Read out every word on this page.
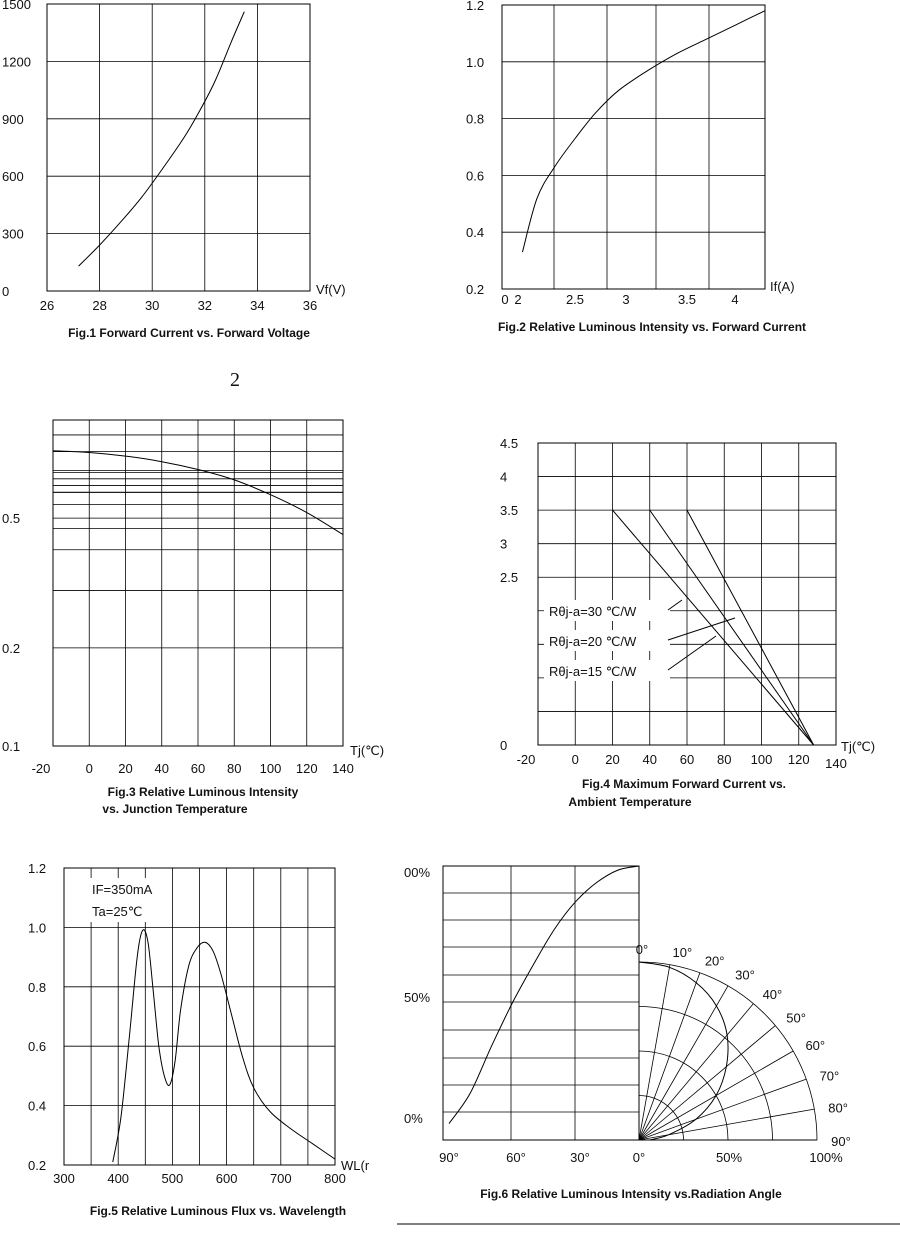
26	28	30	32	34	36
0
300
600
900
1200
1500
Vf(V)
Fig.1 Forward Current vs. Forward Voltage
0 2	2.5	3	3.5	4
0.2
0.4
0.6
0.8
1.0
1.2
If(A)
Fig.2 Relative Luminous Intensity vs. Forward Current
2
-20	0 20 40 60 80 100 120 140
0.1
0.2
0.5
Tj(℃)
Fig.3 Relative Luminous Intensity
vs. Junction Temperature
-20	0 20 40 60 80 100 120 140
0
2.5
3
3.5
4
4.5
Tj(℃)
Rθj-a=30 ℃/W
Rθj-a=20 ℃/W
Rθj-a=15 ℃/W
Fig.4 Maximum Forward Current vs.
Ambient Temperature
300 400 500 600 700 800
0.2
0.4
0.6
0.8
1.0
1.2
IF=350mA
Ta=25℃
WL(r
Fig.5 Relative Luminous Flux vs. Wavelength
0° 10°
20°
30°
40°
50°
60°
70°
80°
90°
90°	60°	30°	0°	50%	100%
00%
50%
0%
Fig.6 Relative Luminous Intensity vs.Radiation Angle
